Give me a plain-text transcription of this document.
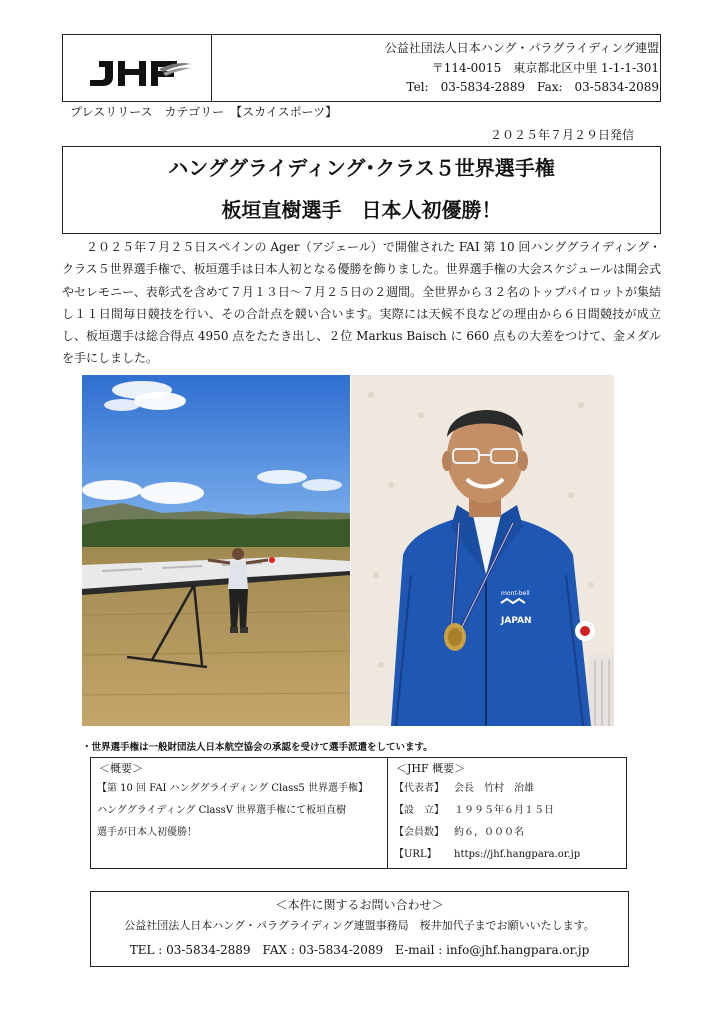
公益社団法人日本ハング・パラグライディング連盟
〒114-0015　東京都北区中里 1-1-1-301
Tel:　03-5834-2889　Fax:　03-5834-2089
プレスリリース　カテゴリー　【スカイスポーツ】
２０２５年７月２９日発信
ハンググライディング･クラス５世界選手権
板垣直樹選手　日本人初優勝！
２０２５年７月２５日スペインの Ager（アジェール）で開催された FAI 第 10 回ハンググライディング・クラス５世界選手権で、板垣選手は日本人初となる優勝を飾りました。世界選手権の大会スケジュールは開会式やセレモニー、表彰式を含めて７月１３日～７月２５日の２週間。全世界から３２名のトップパイロットが集結し１１日間毎日競技を行い、その合計点を競い合います。実際には天候不良などの理由から６日間競技が成立し、板垣選手は総合得点 4950 点をたたき出し、２位 Markus Baisch に 660 点もの大差をつけて、金メダルを手にしました。
mont-bell
JAPAN
・世界選手権は一般財団法人日本航空協会の承認を受けて選手派遣をしています。
＜概要＞
【第 10 回 FAI ハンググライディング Class5 世界選手権】
ハンググライディング ClassV 世界選手権にて板垣直樹
選手が日本人初優勝！
＜JHF 概要＞
【代表者】	会長　竹村　治雄
【設　立】	１９９５年６月１５日
【会員数】	約６，０００名
【URL】	https://jhf.hangpara.or.jp
＜本件に関するお問い合わせ＞
公益社団法人日本ハング・パラグライディング連盟事務局　桜井加代子までお願いいたします。
TEL : 03-5834-2889　FAX : 03-5834-2089　E-mail : info@jhf.hangpara.or.jp
